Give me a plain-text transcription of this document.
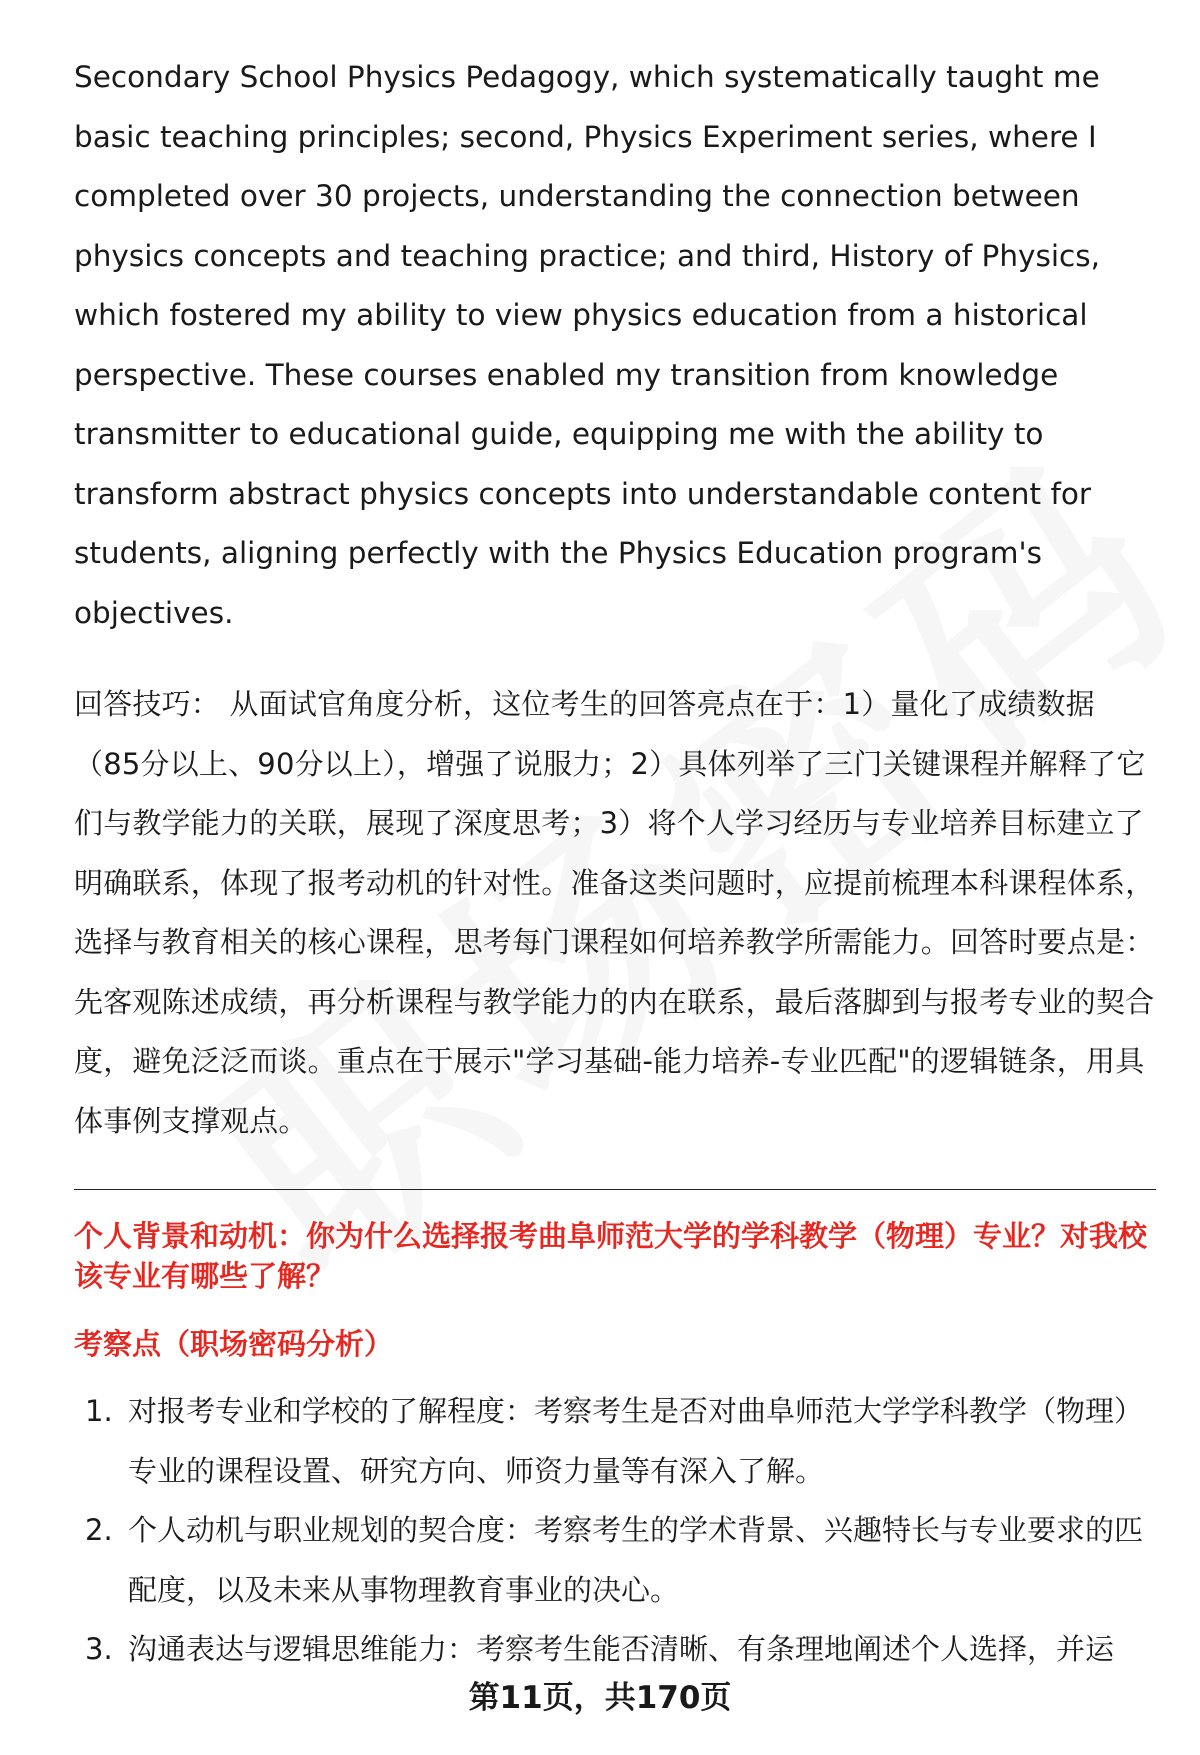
Secondary School Physics Pedagogy, which systematically taught me basic teaching principles; second, Physics Experiment series, where I completed over 30 projects, understanding the connection between physics concepts and teaching practice; and third, History of Physics, which fostered my ability to view physics education from a historical perspective. These courses enabled my transition from knowledge transmitter to educational guide, equipping me with the ability to transform abstract physics concepts into understandable content for students, aligning perfectly with the Physics Education program's objectives.

回答技巧： 从面试官角度分析，这位考生的回答亮点在于：1）量化了成绩数据（85分以上、90分以上），增强了说服力；2）具体列举了三门关键课程并解释了它们与教学能力的关联，展现了深度思考；3）将个人学习经历与专业培养目标建立了明确联系，体现了报考动机的针对性。准备这类问题时，应提前梳理本科课程体系，选择与教育相关的核心课程，思考每门课程如何培养教学所需能力。回答时要点是：先客观陈述成绩，再分析课程与教学能力的内在联系，最后落脚到与报考专业的契合度，避免泛泛而谈。重点在于展示"学习基础-能力培养-专业匹配"的逻辑链条，用具体事例支撑观点。

个人背景和动机：你为什么选择报考曲阜师范大学的学科教学（物理）专业？对我校该专业有哪些了解？
考察点（职场密码分析）
1. 对报考专业和学校的了解程度：考察考生是否对曲阜师范大学学科教学（物理）专业的课程设置、研究方向、师资力量等有深入了解。
2. 个人动机与职业规划的契合度：考察考生的学术背景、兴趣特长与专业要求的匹配度，以及未来从事物理教育事业的决心。
3. 沟通表达与逻辑思维能力：考察考生能否清晰、有条理地阐述个人选择，并运
第11页，共170页
